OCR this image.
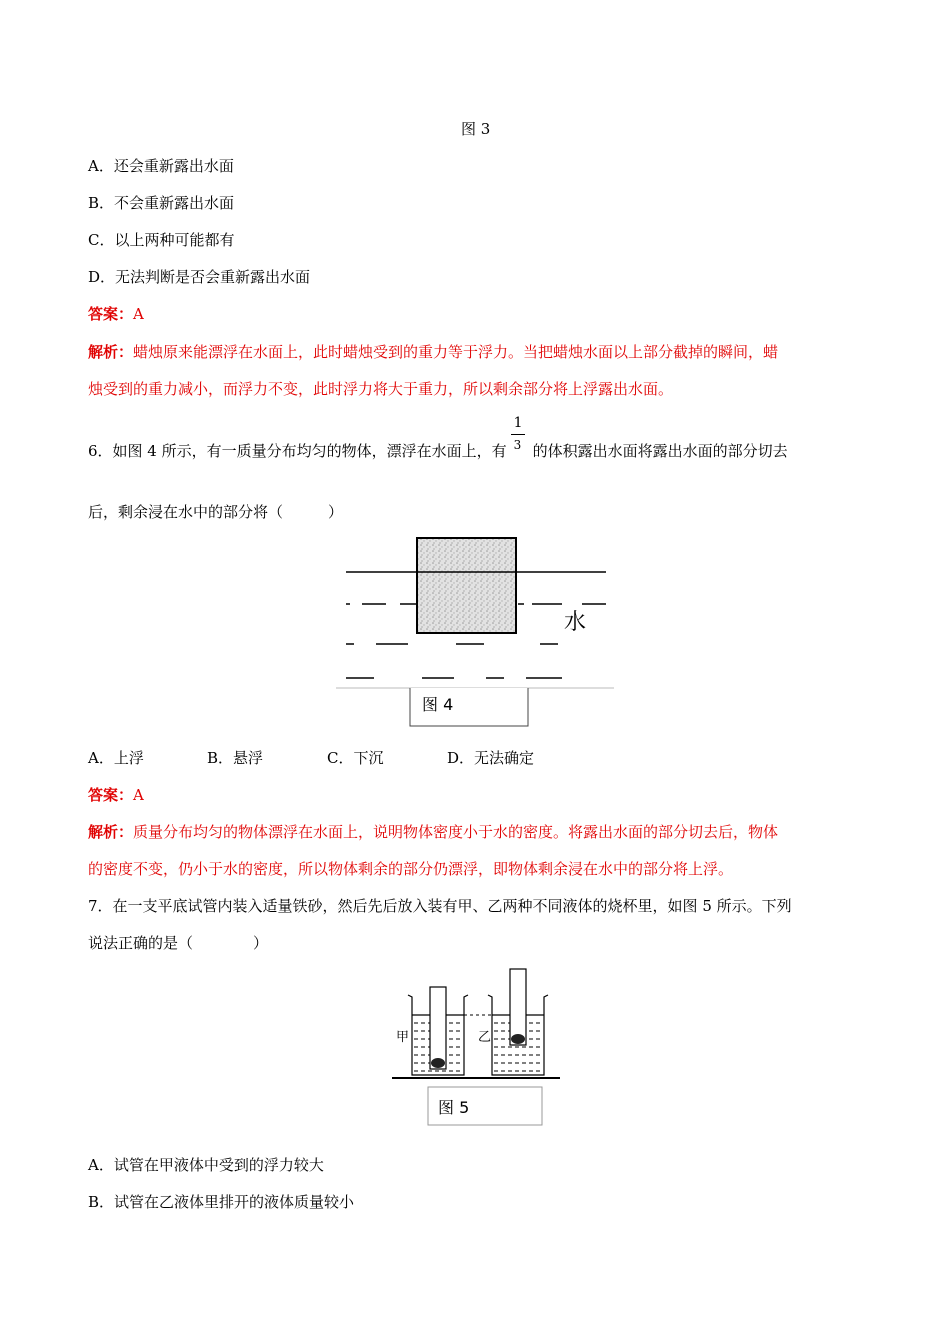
图 3
A．还会重新露出水面
B．不会重新露出水面
C．以上两种可能都有
D．无法判断是否会重新露出水面
答案：A
解析：蜡烛原来能漂浮在水面上，此时蜡烛受到的重力等于浮力。当把蜡烛水面以上部分截掉的瞬间，蜡
烛受到的重力减小，而浮力不变，此时浮力将大于重力，所以剩余部分将上浮露出水面。
6．如图 4 所示，有一质量分布均匀的物体，漂浮在水面上，有 $\frac{1}{3}$ 的体积露出水面将露出水面的部分切去
后，剩余浸在水中的部分将（　　　）
水
图 4
A．上浮	B．悬浮	C．下沉	D．无法确定
答案：A
解析：质量分布均匀的物体漂浮在水面上，说明物体密度小于水的密度。将露出水面的部分切去后，物体
的密度不变，仍小于水的密度，所以物体剩余的部分仍漂浮，即物体剩余浸在水中的部分将上浮。
7．在一支平底试管内装入适量铁砂，然后先后放入装有甲、乙两种不同液体的烧杯里，如图 5 所示。下列
说法正确的是（　　　　）
甲	乙
图 5
A．试管在甲液体中受到的浮力较大
B．试管在乙液体里排开的液体质量较小
